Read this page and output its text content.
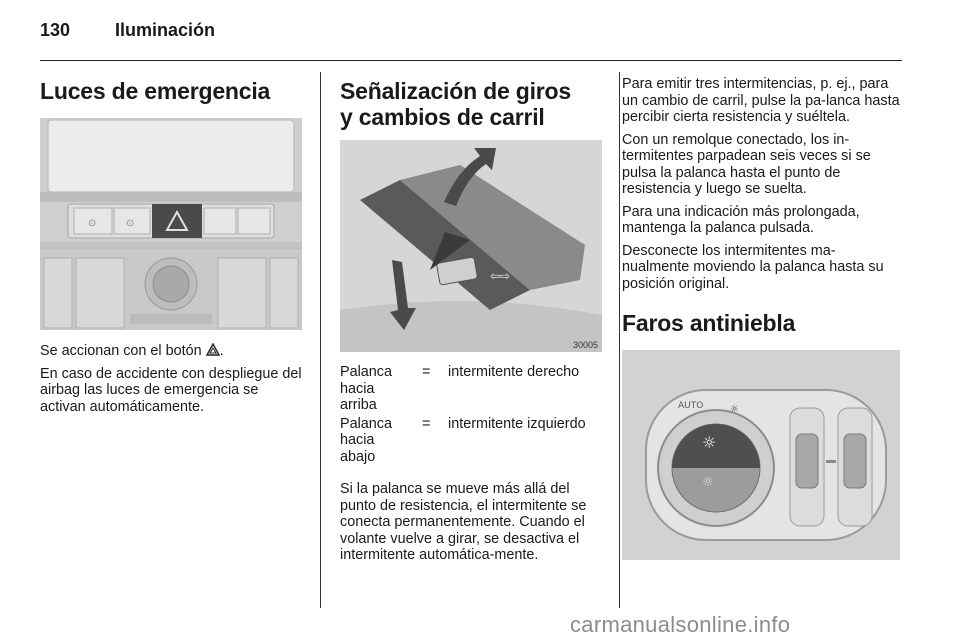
130 Iluminación
Luces de emergencia
⊙	⊙

Se accionan con el botón .

En caso de accidente con despliegue del airbag las luces de emergencia se activan automáticamente.

Señalización de giros
y cambios de carril
⇦⇨
30005
Palanca
hacia
arriba	=	intermitente derecho
Palanca
hacia
abajo	=	intermitente izquierdo

Si la palanca se mueve más allá del punto de resistencia, el intermitente se conecta permanentemente. Cuando el volante vuelve a girar, se desactiva el intermitente automática-mente.

Para emitir tres intermitencias, p. ej., para un cambio de carril, pulse la pa-lanca hasta percibir cierta resistencia y suéltela.

Con un remolque conectado, los in-termitentes parpadean seis veces si se pulsa la palanca hasta el punto de resistencia y luego se suelta.

Para una indicación más prolongada, mantenga la palanca pulsada.

Desconecte los intermitentes ma-nualmente moviendo la palanca hasta su posición original.

Faros antiniebla
☼
☼
AUTO	☼
carmanualsonline.info
